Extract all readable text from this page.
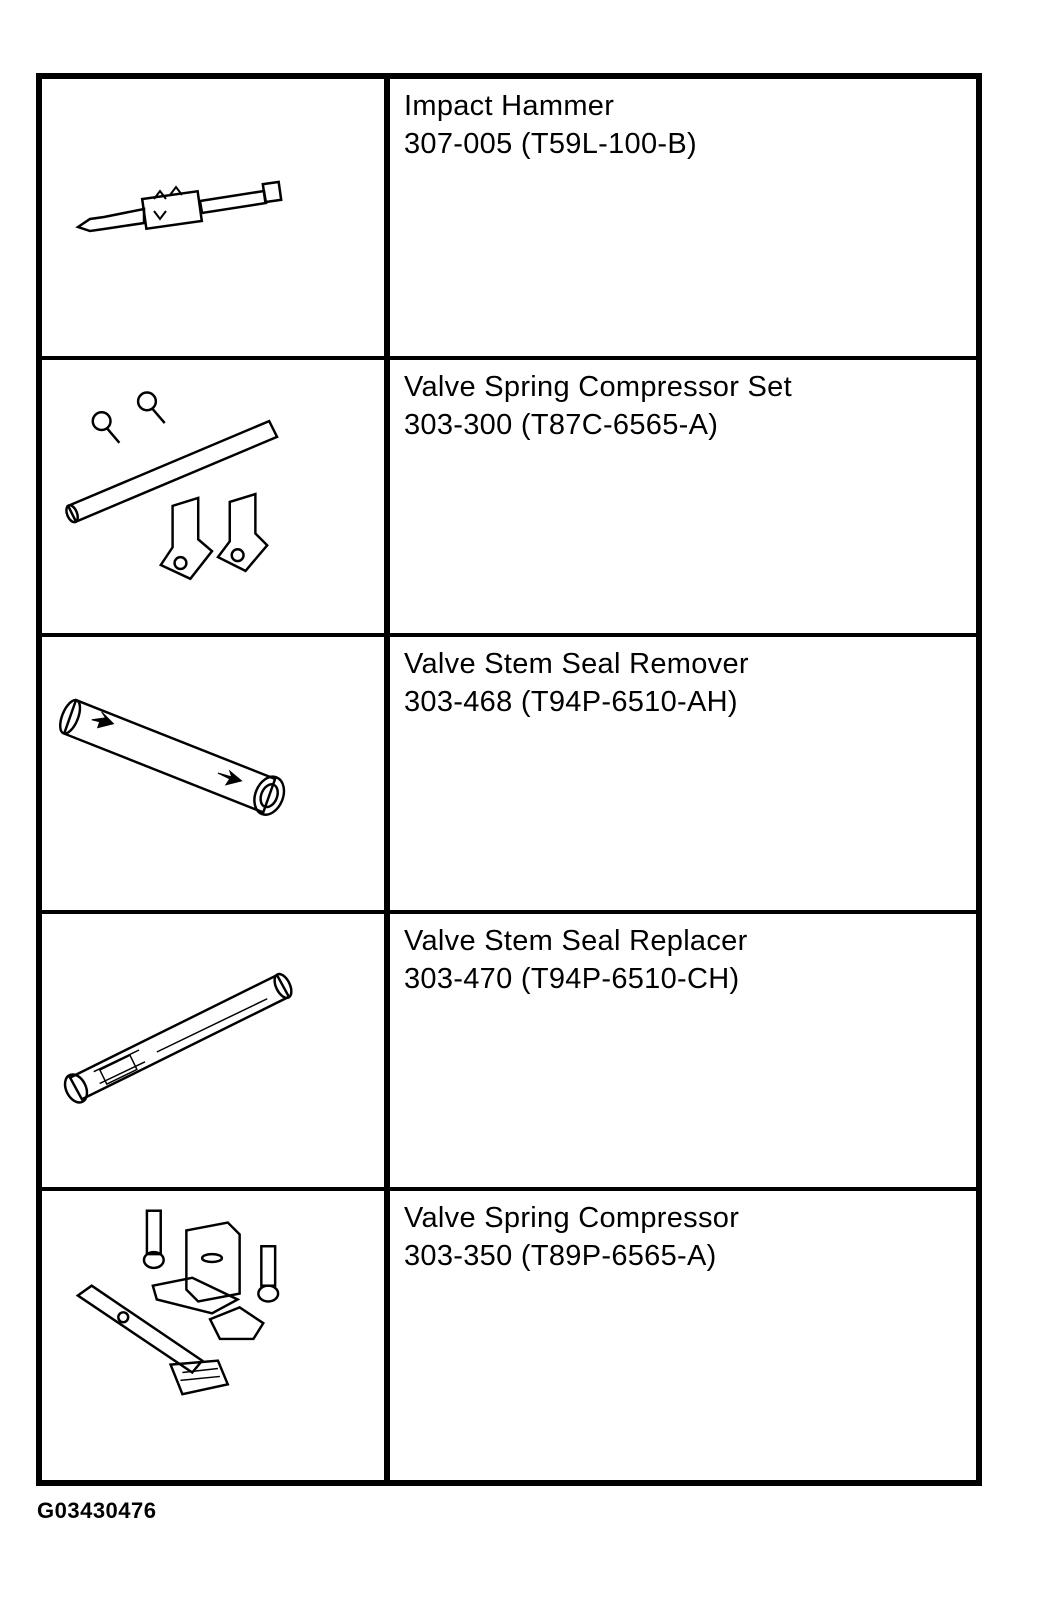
Impact Hammer
307-005 (T59L-100-B)
Valve Spring Compressor Set
303-300 (T87C-6565-A)
Valve Stem Seal Remover
303-468 (T94P-6510-AH)
Valve Stem Seal Replacer
303-470 (T94P-6510-CH)
Valve Spring Compressor
303-350 (T89P-6565-A)
G03430476
